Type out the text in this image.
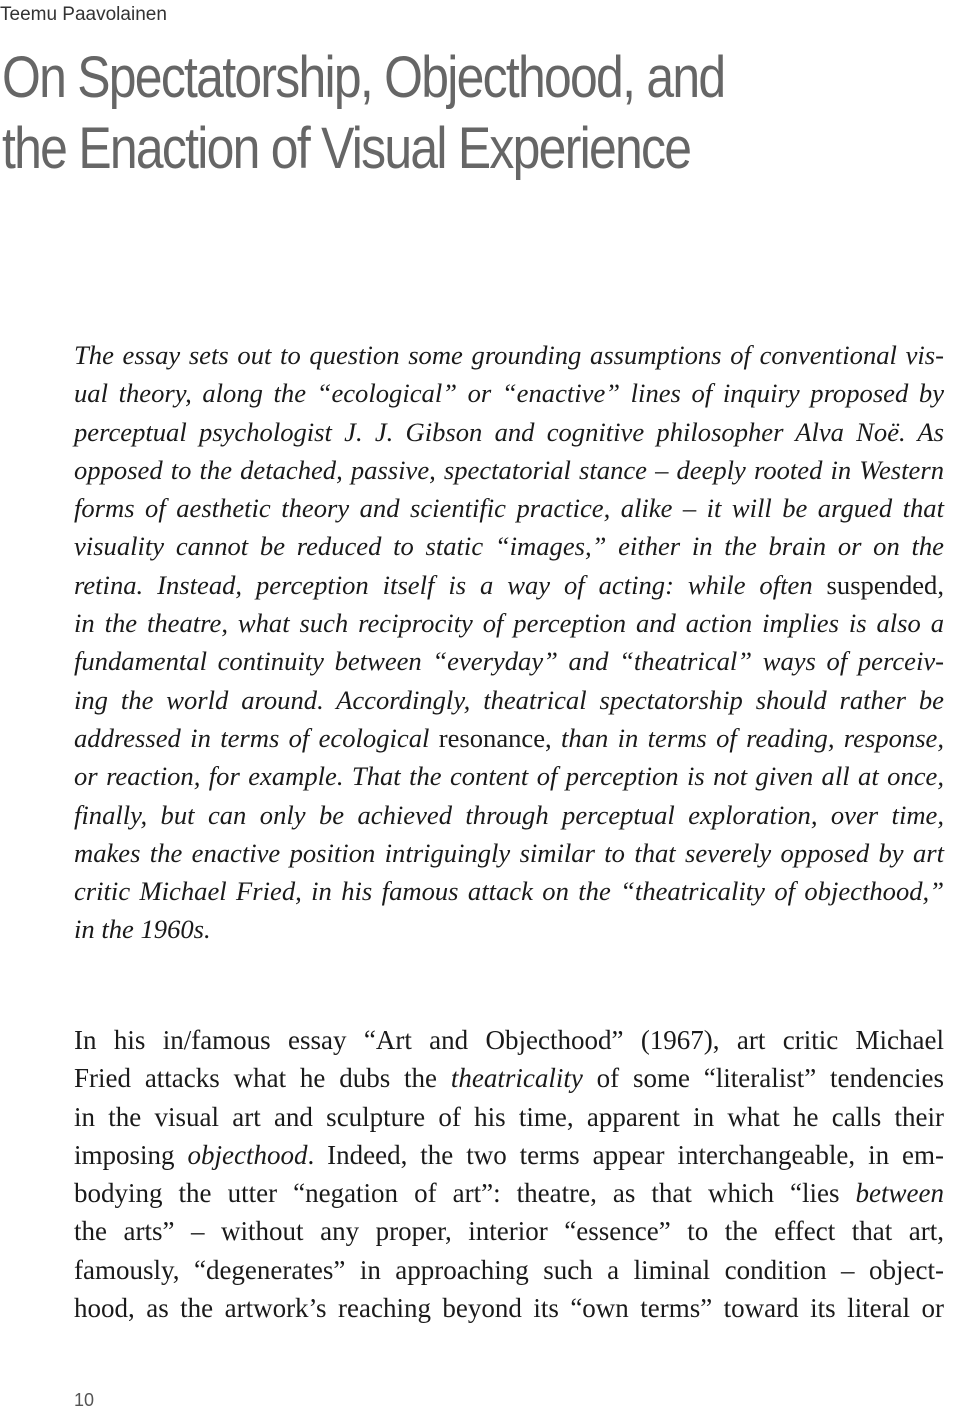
Teemu Paavolainen

On Spectatorship, Objecthood, and
the Enaction of Visual Experience
The essay sets out to question some grounding assumptions of conventional vis-
ual theory, along the “ecological” or “enactive” lines of inquiry proposed by
perceptual psychologist J. J. Gibson and cognitive philosopher Alva Noë. As
opposed to the detached, passive, spectatorial stance – deeply rooted in Western
forms of aesthetic theory and scientific practice, alike – it will be argued that
visuality cannot be reduced to static “images,” either in the brain or on the
retina. Instead, perception itself is a way of acting: while often suspended,
in the theatre, what such reciprocity of perception and action implies is also a
fundamental continuity between “everyday” and “theatrical” ways of perceiv-
ing the world around. Accordingly, theatrical spectatorship should rather be
addressed in terms of ecological resonance, than in terms of reading, response,
or reaction, for example. That the content of perception is not given all at once,
finally, but can only be achieved through perceptual exploration, over time,
makes the enactive position intriguingly similar to that severely opposed by art
critic Michael Fried, in his famous attack on the “theatricality of objecthood,”
in the 1960s.
In his in/famous essay “Art and Objecthood” (1967), art critic Michael
Fried attacks what he dubs the theatricality of some “literalist” tendencies
in the visual art and sculpture of his time, apparent in what he calls their
imposing objecthood. Indeed, the two terms appear interchangeable, in em-
bodying the utter “negation of art”: theatre, as that which “lies between
the arts” – without any proper, interior “essence” to the effect that art,
famously, “degenerates” in approaching such a liminal condition – object-
hood, as the artwork’s reaching beyond its “own terms” toward its literal or

10
